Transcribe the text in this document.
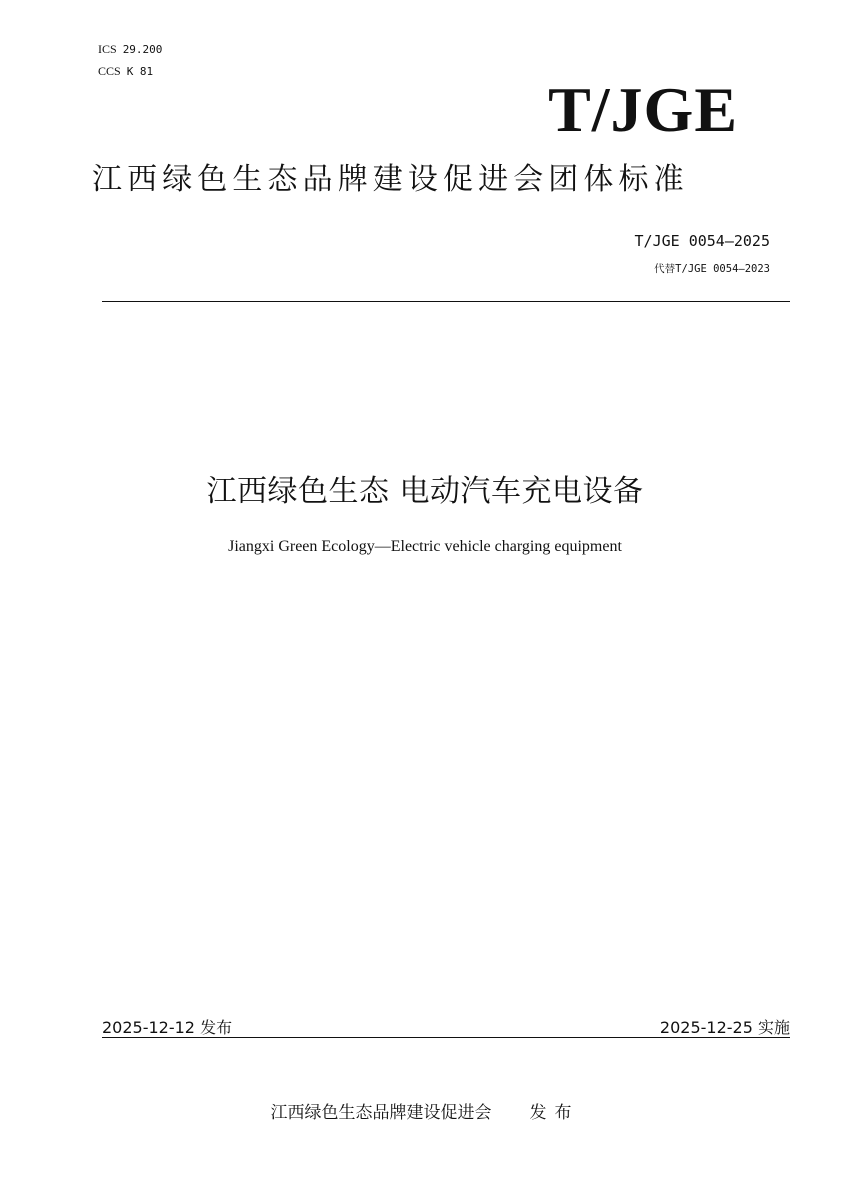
ICS 29.200
CCS K 81
T/JGE
江西绿色生态品牌建设促进会团体标准
T/JGE 0054—2025
代替T/JGE 0054—2023
江西绿色生态 电动汽车充电设备
Jiangxi Green Ecology—Electric vehicle charging equipment
2025-12-12 发布	2025-12-25 实施
江西绿色生态品牌建设促进会 发布
